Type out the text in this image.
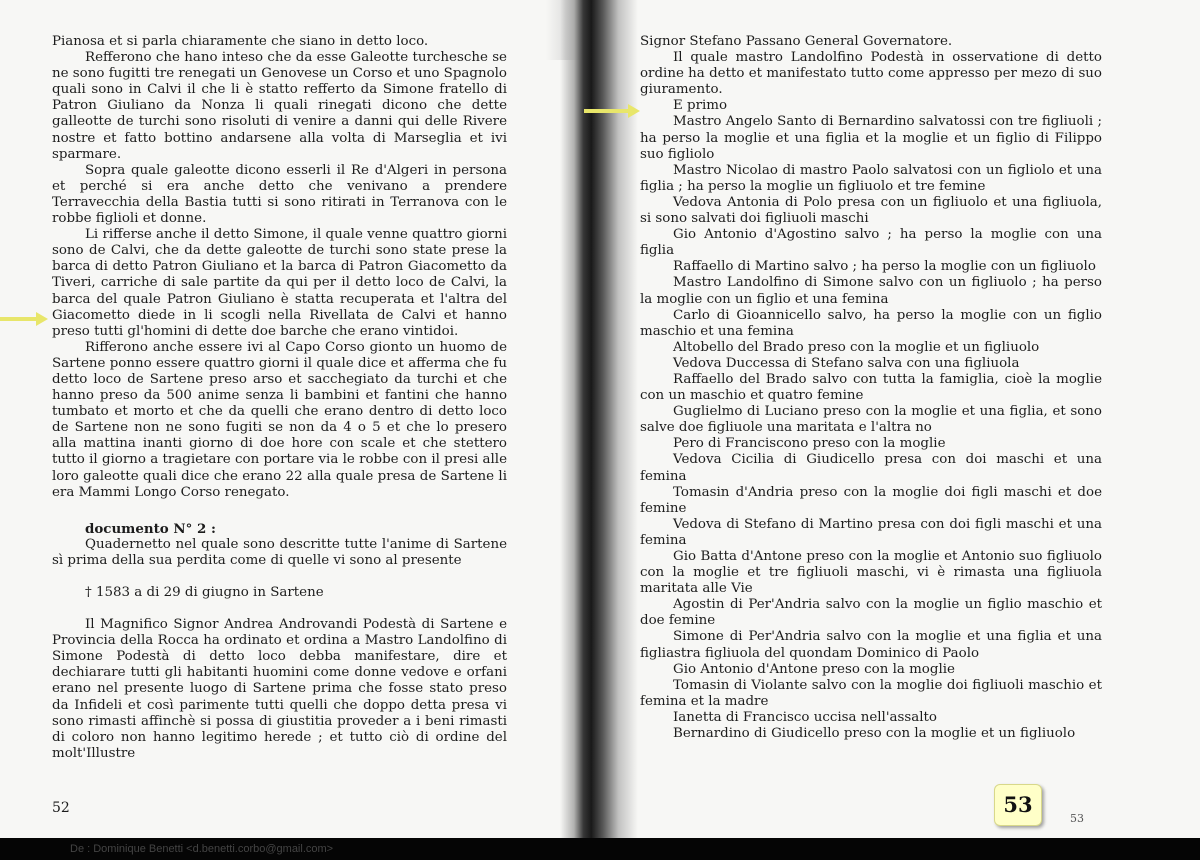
Pianosa et si parla chiaramente che siano in detto loco.

Refferono che hano inteso che da esse Galeotte turchesche se ne sono fugitti tre renegati un Genovese un Corso et uno Spagnolo quali sono in Calvi il che li è statto refferto da Simone fratello di Patron Giuliano da Nonza li quali rinegati dicono che dette galleotte de turchi sono risoluti di venire a danni qui delle Rivere nostre et fatto bottino andarsene alla volta di Marseglia et ivi sparmare.

Sopra quale galeotte dicono esserli il Re d'Algeri in persona et perché si era anche detto che venivano a prendere Terravecchia della Bastia tutti si sono ritirati in Terranova con le robbe figlioli et donne.

Li rifferse anche il detto Simone, il quale venne quattro giorni sono de Calvi, che da dette galeotte de turchi sono state prese la barca di detto Patron Giuliano et la barca di Patron Giacometto da Tiveri, carriche di sale partite da qui per il detto loco de Calvi, la barca del quale Patron Giuliano è statta recuperata et l'altra del Giacometto diede in li scogli nella Rivellata de Calvi et hanno preso tutti gl'homini di dette doe barche che erano vintidoi.

Rifferono anche essere ivi al Capo Corso gionto un huomo de Sartene ponno essere quattro giorni il quale dice et afferma che fu detto loco de Sartene preso arso et sacchegiato da turchi et che hanno preso da 500 anime senza li bambini et fantini che hanno tumbato et morto et che da quelli che erano dentro di detto loco de Sartene non ne sono fugiti se non da 4 o 5 et che lo presero alla mattina inanti giorno di doe hore con scale et che stettero tutto il giorno a tragietare con portare via le robbe con il presi alle loro galeotte quali dice che erano 22 alla quale presa de Sartene li era Mammi Longo Corso renegato.

documento N° 2 :

Quadernetto nel quale sono descritte tutte l'anime di Sartene sì prima della sua perdita come di quelle vi sono al presente

† 1583 a di 29 di giugno in Sartene

Il Magnifico Signor Andrea Androvandi Podestà di Sartene e Provincia della Rocca ha ordinato et ordina a Mastro Landolfino di Simone Podestà di detto loco debba manifestare, dire et dechiarare tutti gli habitanti huomini come donne vedove e orfani erano nel presente luogo di Sartene prima che fosse stato preso da Infideli et così parimente tutti quelli che doppo detta presa vi sono rimasti affinchè si possa di giustitia proveder a i beni rimasti di coloro non hanno legitimo herede ; et tutto ciò di ordine del molt'Illustre

Signor Stefano Passano General Governatore.

Il quale mastro Landolfino Podestà in osservatione di detto ordine ha detto et manifestato tutto come appresso per mezo di suo giuramento.

E primo

Mastro Angelo Santo di Bernardino salvatossi con tre figliuoli ; ha perso la moglie et una figlia et la moglie et un figlio di Filippo suo figliolo

Mastro Nicolao di mastro Paolo salvatosi con un figliolo et una figlia ; ha perso la moglie un figliuolo et tre femine

Vedova Antonia di Polo presa con un figliuolo et una figliuola, si sono salvati doi figliuoli maschi

Gio Antonio d'Agostino salvo ; ha perso la moglie con una figlia

Raffaello di Martino salvo ; ha perso la moglie con un figliuolo

Mastro Landolfino di Simone salvo con un figliuolo ; ha perso la moglie con un figlio et una femina

Carlo di Gioannicello salvo, ha perso la moglie con un figlio maschio et una femina

Altobello del Brado preso con la moglie et un figliuolo

Vedova Duccessa di Stefano salva con una figliuola

Raffaello del Brado salvo con tutta la famiglia, cioè la moglie con un maschio et quatro femine

Guglielmo di Luciano preso con la moglie et una figlia, et sono salve doe figliuole una maritata e l'altra no

Pero di Franciscono preso con la moglie

Vedova Cicilia di Giudicello presa con doi maschi et una femina

Tomasin d'Andria preso con la moglie doi figli maschi et doe femine

Vedova di Stefano di Martino presa con doi figli maschi et una femina

Gio Batta d'Antone preso con la moglie et Antonio suo figliuolo con la moglie et tre figliuoli maschi, vi è rimasta una figliuola maritata alle Vie

Agostin di Per'Andria salvo con la moglie un figlio maschio et doe femine

Simone di Per'Andria salvo con la moglie et una figlia et una figliastra figliuola del quondam Dominico di Paolo

Gio Antonio d'Antone preso con la moglie

Tomasin di Violante salvo con la moglie doi figliuoli maschio et femina et la madre

Ianetta di Francisco uccisa nell'assalto

Bernardino di Giudicello preso con la moglie et un figliuolo

52
53
53
De : Dominique Benetti <d.benetti.corbo@gmail.com>
